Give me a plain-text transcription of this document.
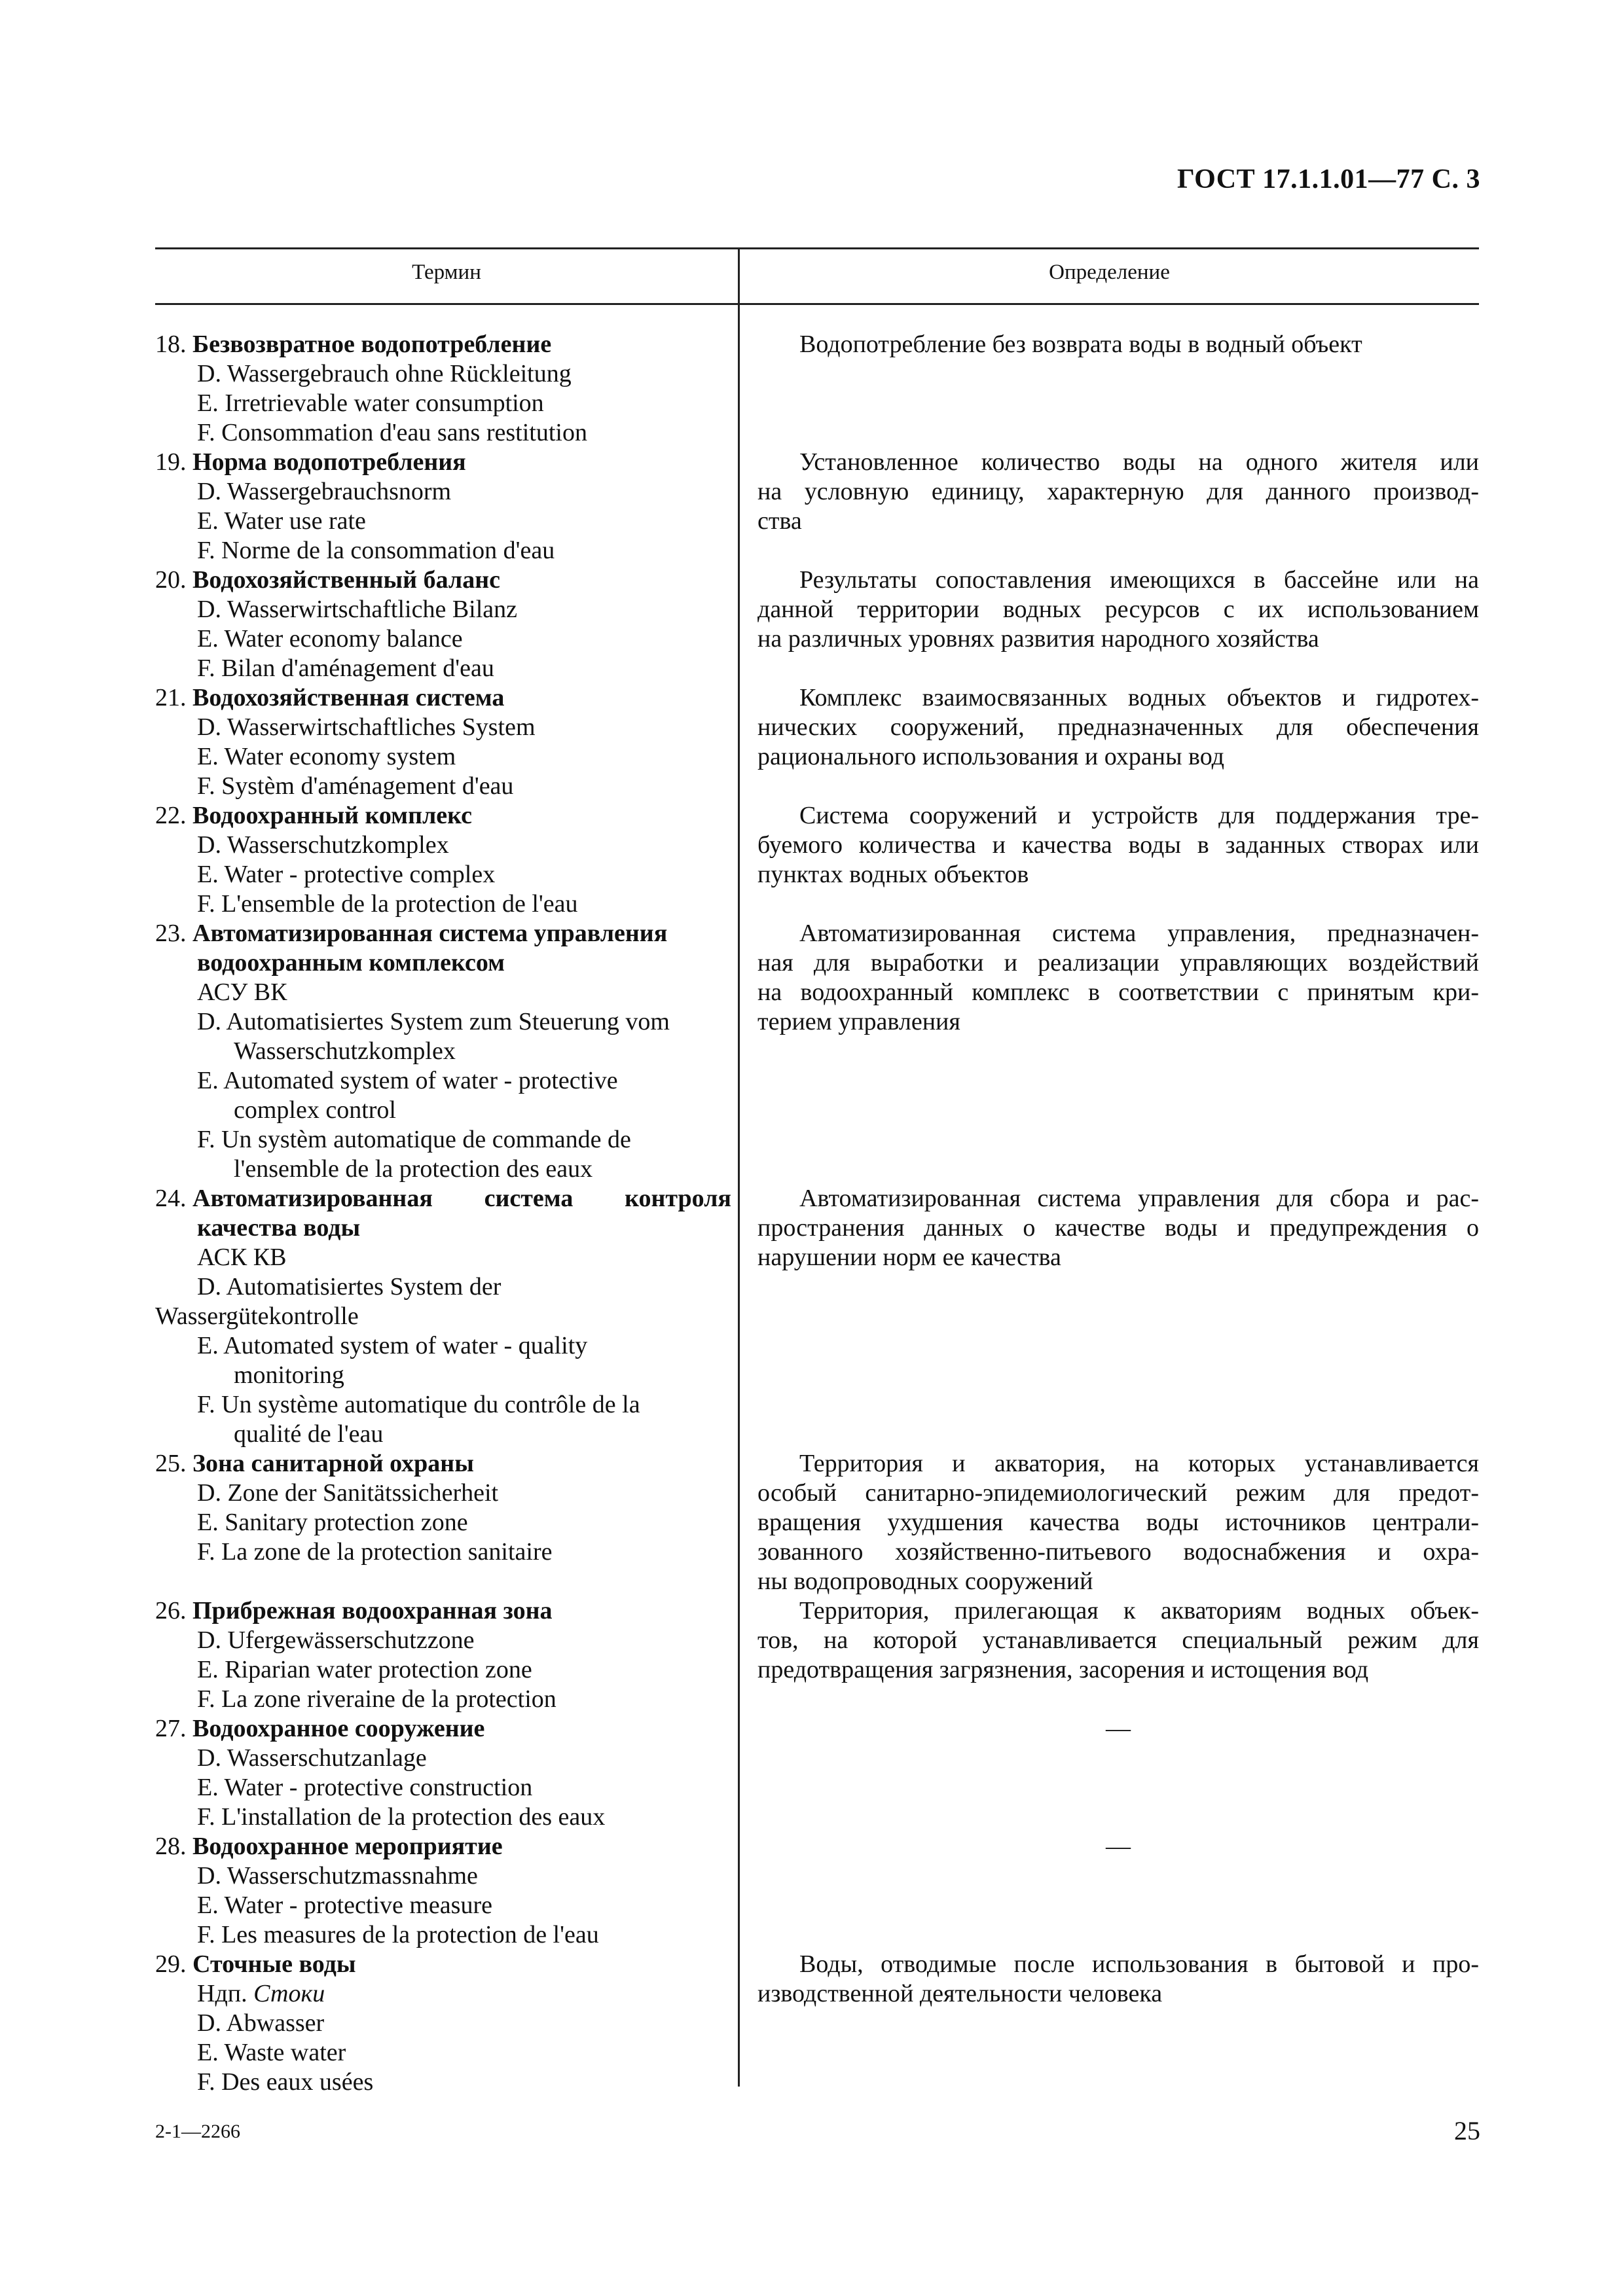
ГОСТ 17.1.1.01—77 С. 3
Термин	Определение
18. Безвозвратное водопотребление
D. Wassergebrauch ohne Rückleitung
E. Irretrievable water consumption
F. Consommation d'eau sans restitution
19. Норма водопотребления
D. Wassergebrauchsnorm
E. Water use rate
F. Norme de la consommation d'eau
20. Водохозяйственный баланс
D. Wasserwirtschaftliche Bilanz
E. Water economy balance
F. Bilan d'aménagement d'eau
21. Водохозяйственная система
D. Wasserwirtschaftliches System
E. Water economy system
F. Systèm d'aménagement d'eau
22. Водоохранный комплекс
D. Wasserschutzkomplex
E. Water - protective complex
F. L'ensemble de la protection de l'eau
23. Автоматизированная система управления
водоохранным комплексом
АСУ ВК
D. Automatisiertes System zum Steuerung vom
Wasserschutzkomplex
E. Automated system of water - protective
complex control
F. Un systèm automatique de commande de
l'ensemble de la protection des eaux
24. Автоматизированная система контроля
качества воды
АСК КВ
D. Automatisiertes System der
Wassergütekontrolle
E. Automated system of water - quality
monitoring
F. Un système automatique du contrôle de la
qualité de l'eau
25. Зона санитарной охраны
D. Zone der Sanitätssicherheit
E. Sanitary protection zone
F. La zone de la protection sanitaire
26. Прибрежная водоохранная зона
D. Ufergewässerschutzzone
E. Riparian water protection zone
F. La zone riveraine de la protection
27. Водоохранное сооружение
D. Wasserschutzanlage
E. Water - protective construction
F. L'installation de la protection des eaux
28. Водоохранное мероприятие
D. Wasserschutzmassnahme
E. Water - protective measure
F. Les measures de la protection de l'eau
29. Сточные воды
Ндп. Стоки
D. Abwasser
E. Waste water
F. Des eaux usées
Водопотребление без возврата воды в водный объект
Установленное количество воды на одного жителя или
на условную единицу, характерную для данного производ-
ства
Результаты сопоставления имеющихся в бассейне или на
данной территории водных ресурсов с их использованием
на различных уровнях развития народного хозяйства
Комплекс взаимосвязанных водных объектов и гидротех-
нических сооружений, предназначенных для обеспечения
рационального использования и охраны вод
Система сооружений и устройств для поддержания тре-
буемого количества и качества воды в заданных створах или
пунктах водных объектов
Автоматизированная система управления, предназначен-
ная для выработки и реализации управляющих воздействий
на водоохранный комплекс в соответствии с принятым кри-
терием управления
Автоматизированная система управления для сбора и рас-
пространения данных о качестве воды и предупреждения о
нарушении норм ее качества
Территория и акватория, на которых устанавливается
особый санитарно-эпидемиологический режим для предот-
вращения ухудшения качества воды источников централи-
зованного хозяйственно-питьевого водоснабжения и охра-
ны водопроводных сооружений
Территория, прилегающая к акваториям водных объек-
тов, на которой устанавливается специальный режим для
предотвращения загрязнения, засорения и истощения вод
—
—
Воды, отводимые после использования в бытовой и про-
изводственной деятельности человека
2-1—2266	25
